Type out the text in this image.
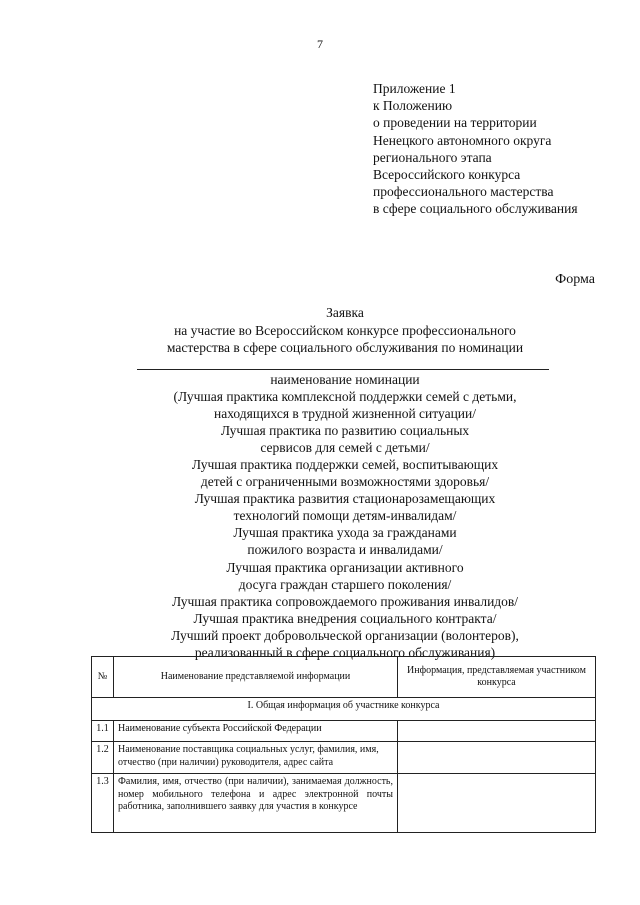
7
Приложение 1
к Положению
о проведении на территории
Ненецкого автономного округа
регионального этапа
Всероссийского конкурса
профессионального мастерства
в сфере социального обслуживания
Форма
Заявка
на участие во Всероссийском конкурсе профессионального
мастерства в сфере социального обслуживания по номинации
наименование номинации
(Лучшая практика комплексной поддержки семей с детьми,
находящихся в трудной жизненной ситуации/
Лучшая практика по развитию социальных
сервисов для семей с детьми/
Лучшая практика поддержки семей, воспитывающих
детей с ограниченными возможностями здоровья/
Лучшая практика развития стационарозамещающих
технологий помощи детям-инвалидам/
Лучшая практика ухода за гражданами
пожилого возраста и инвалидами/
Лучшая практика организации активного
досуга граждан старшего поколения/
Лучшая практика сопровождаемого проживания инвалидов/
Лучшая практика внедрения социального контракта/
Лучший проект добровольческой организации (волонтеров),
реализованный в сфере социального обслуживания)
№	Наименование представляемой информации	Информация, представляемая участником конкурса
I. Общая информация об участнике конкурса		
1.1	Наименование субъекта Российской Федерации	
1.2	Наименование поставщика социальных услуг, фамилия, имя, отчество (при наличии) руководителя, адрес сайта	
1.3	Фамилия, имя, отчество (при наличии), занимаемая должность, номер мобильного телефона и адрес электронной почты работника, заполнившего заявку для участия в конкурсе	
